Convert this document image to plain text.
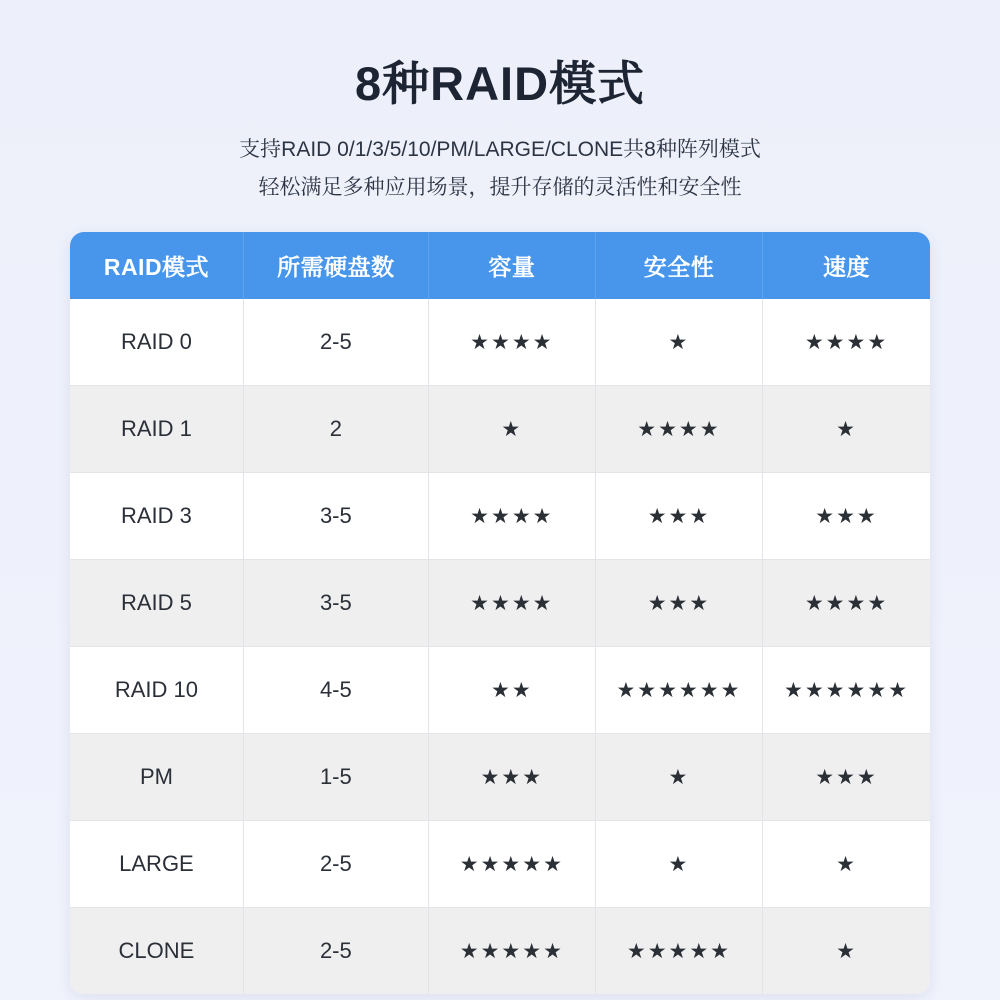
8种RAID模式
支持RAID 0/1/3/5/10/PM/LARGE/CLONE共8种阵列模式
轻松满足多种应用场景，提升存储的灵活性和安全性
RAID模式	所需硬盘数	容量	安全性	速度
RAID 0	2-5	★★★★	★	★★★★
RAID 1	2	★	★★★★	★
RAID 3	3-5	★★★★	★★★	★★★
RAID 5	3-5	★★★★	★★★	★★★★
RAID 10	4-5	★★	★★★★★★	★★★★★★
PM	1-5	★★★	★	★★★
LARGE	2-5	★★★★★	★	★
CLONE	2-5	★★★★★	★★★★★	★
